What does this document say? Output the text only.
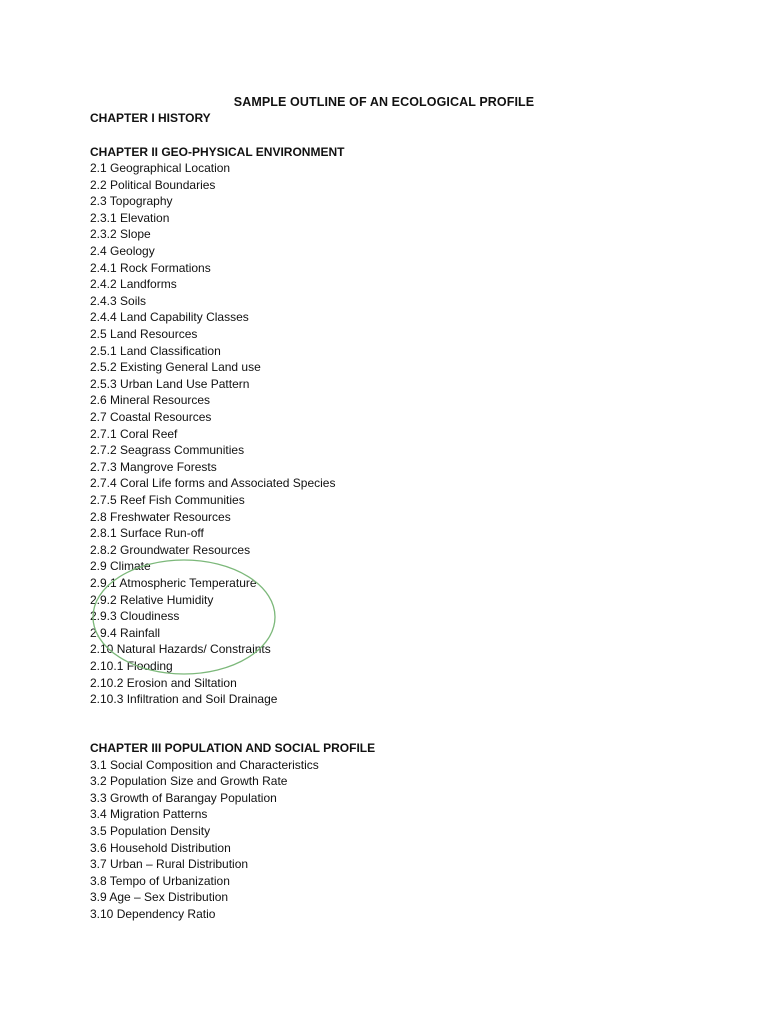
SAMPLE OUTLINE OF AN ECOLOGICAL PROFILE
CHAPTER I HISTORY
CHAPTER II GEO-PHYSICAL ENVIRONMENT
2.1 Geographical Location
2.2 Political Boundaries
2.3 Topography
2.3.1 Elevation
2.3.2 Slope
2.4 Geology
2.4.1 Rock Formations
2.4.2 Landforms
2.4.3 Soils
2.4.4 Land Capability Classes
2.5 Land Resources
2.5.1 Land Classification
2.5.2 Existing General Land use
2.5.3 Urban Land Use Pattern
2.6 Mineral Resources
2.7 Coastal Resources
2.7.1 Coral Reef
2.7.2 Seagrass Communities
2.7.3 Mangrove Forests
2.7.4 Coral Life forms and Associated Species
2.7.5 Reef Fish Communities
2.8 Freshwater Resources
2.8.1 Surface Run-off
2.8.2 Groundwater Resources
2.9 Climate
2.9.1 Atmospheric Temperature
2.9.2 Relative Humidity
2.9.3 Cloudiness
2.9.4 Rainfall
2.10 Natural Hazards/ Constraints
2.10.1 Flooding
2.10.2 Erosion and Siltation
2.10.3 Infiltration and Soil Drainage
CHAPTER III POPULATION AND SOCIAL PROFILE
3.1 Social Composition and Characteristics
3.2 Population Size and Growth Rate
3.3 Growth of Barangay Population
3.4 Migration Patterns
3.5 Population Density
3.6 Household Distribution
3.7 Urban – Rural Distribution
3.8 Tempo of Urbanization
3.9 Age – Sex Distribution
3.10 Dependency Ratio
